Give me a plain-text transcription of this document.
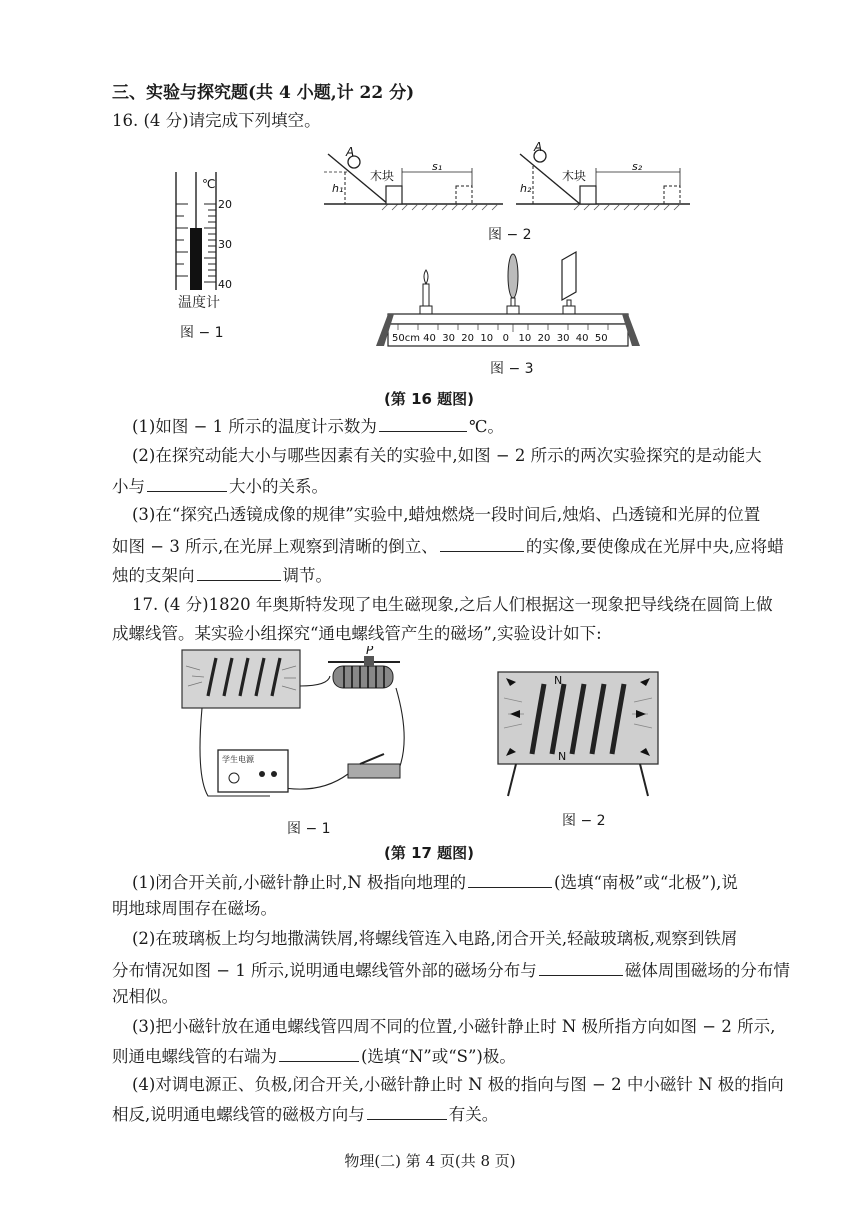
三、实验与探究题(共 4 小题,计 22 分)
16. (4 分)请完成下列填空。
℃
20
30
40
温度计
图 − 1
A
h₁
木块
s₁
A
h₂
木块
s₂
图 − 2
50cm 40  30  20  10   0   10  20  30  40  50
图 − 3
(第 16 题图)
(1)如图 − 1 所示的温度计示数为	℃。
(2)在探究动能大小与哪些因素有关的实验中,如图 − 2 所示的两次实验探究的是动能大
小与	大小的关系。
(3)在“探究凸透镜成像的规律”实验中,蜡烛燃烧一段时间后,烛焰、凸透镜和光屏的位置
如图 − 3 所示,在光屏上观察到清晰的倒立、	的实像,要使像成在光屏中央,应将蜡
烛的支架向	调节。
17. (4 分)1820 年奥斯特发现了电生磁现象,之后人们根据这一现象把导线绕在圆筒上做
成螺线管。某实验小组探究“通电螺线管产生的磁场”,实验设计如下:
P
学生电源
图 − 1
N
N
图 − 2
(第 17 题图)
(1)闭合开关前,小磁针静止时,N 极指向地理的	(选填“南极”或“北极”),说
明地球周围存在磁场。
(2)在玻璃板上均匀地撒满铁屑,将螺线管连入电路,闭合开关,轻敲玻璃板,观察到铁屑
分布情况如图 − 1 所示,说明通电螺线管外部的磁场分布与	磁体周围磁场的分布情
况相似。
(3)把小磁针放在通电螺线管四周不同的位置,小磁针静止时 N 极所指方向如图 − 2 所示,
则通电螺线管的右端为	(选填“N”或“S”)极。
(4)对调电源正、负极,闭合开关,小磁针静止时 N 极的指向与图 − 2 中小磁针 N 极的指向
相反,说明通电螺线管的磁极方向与	有关。
物理(二) 第 4 页(共 8 页)
